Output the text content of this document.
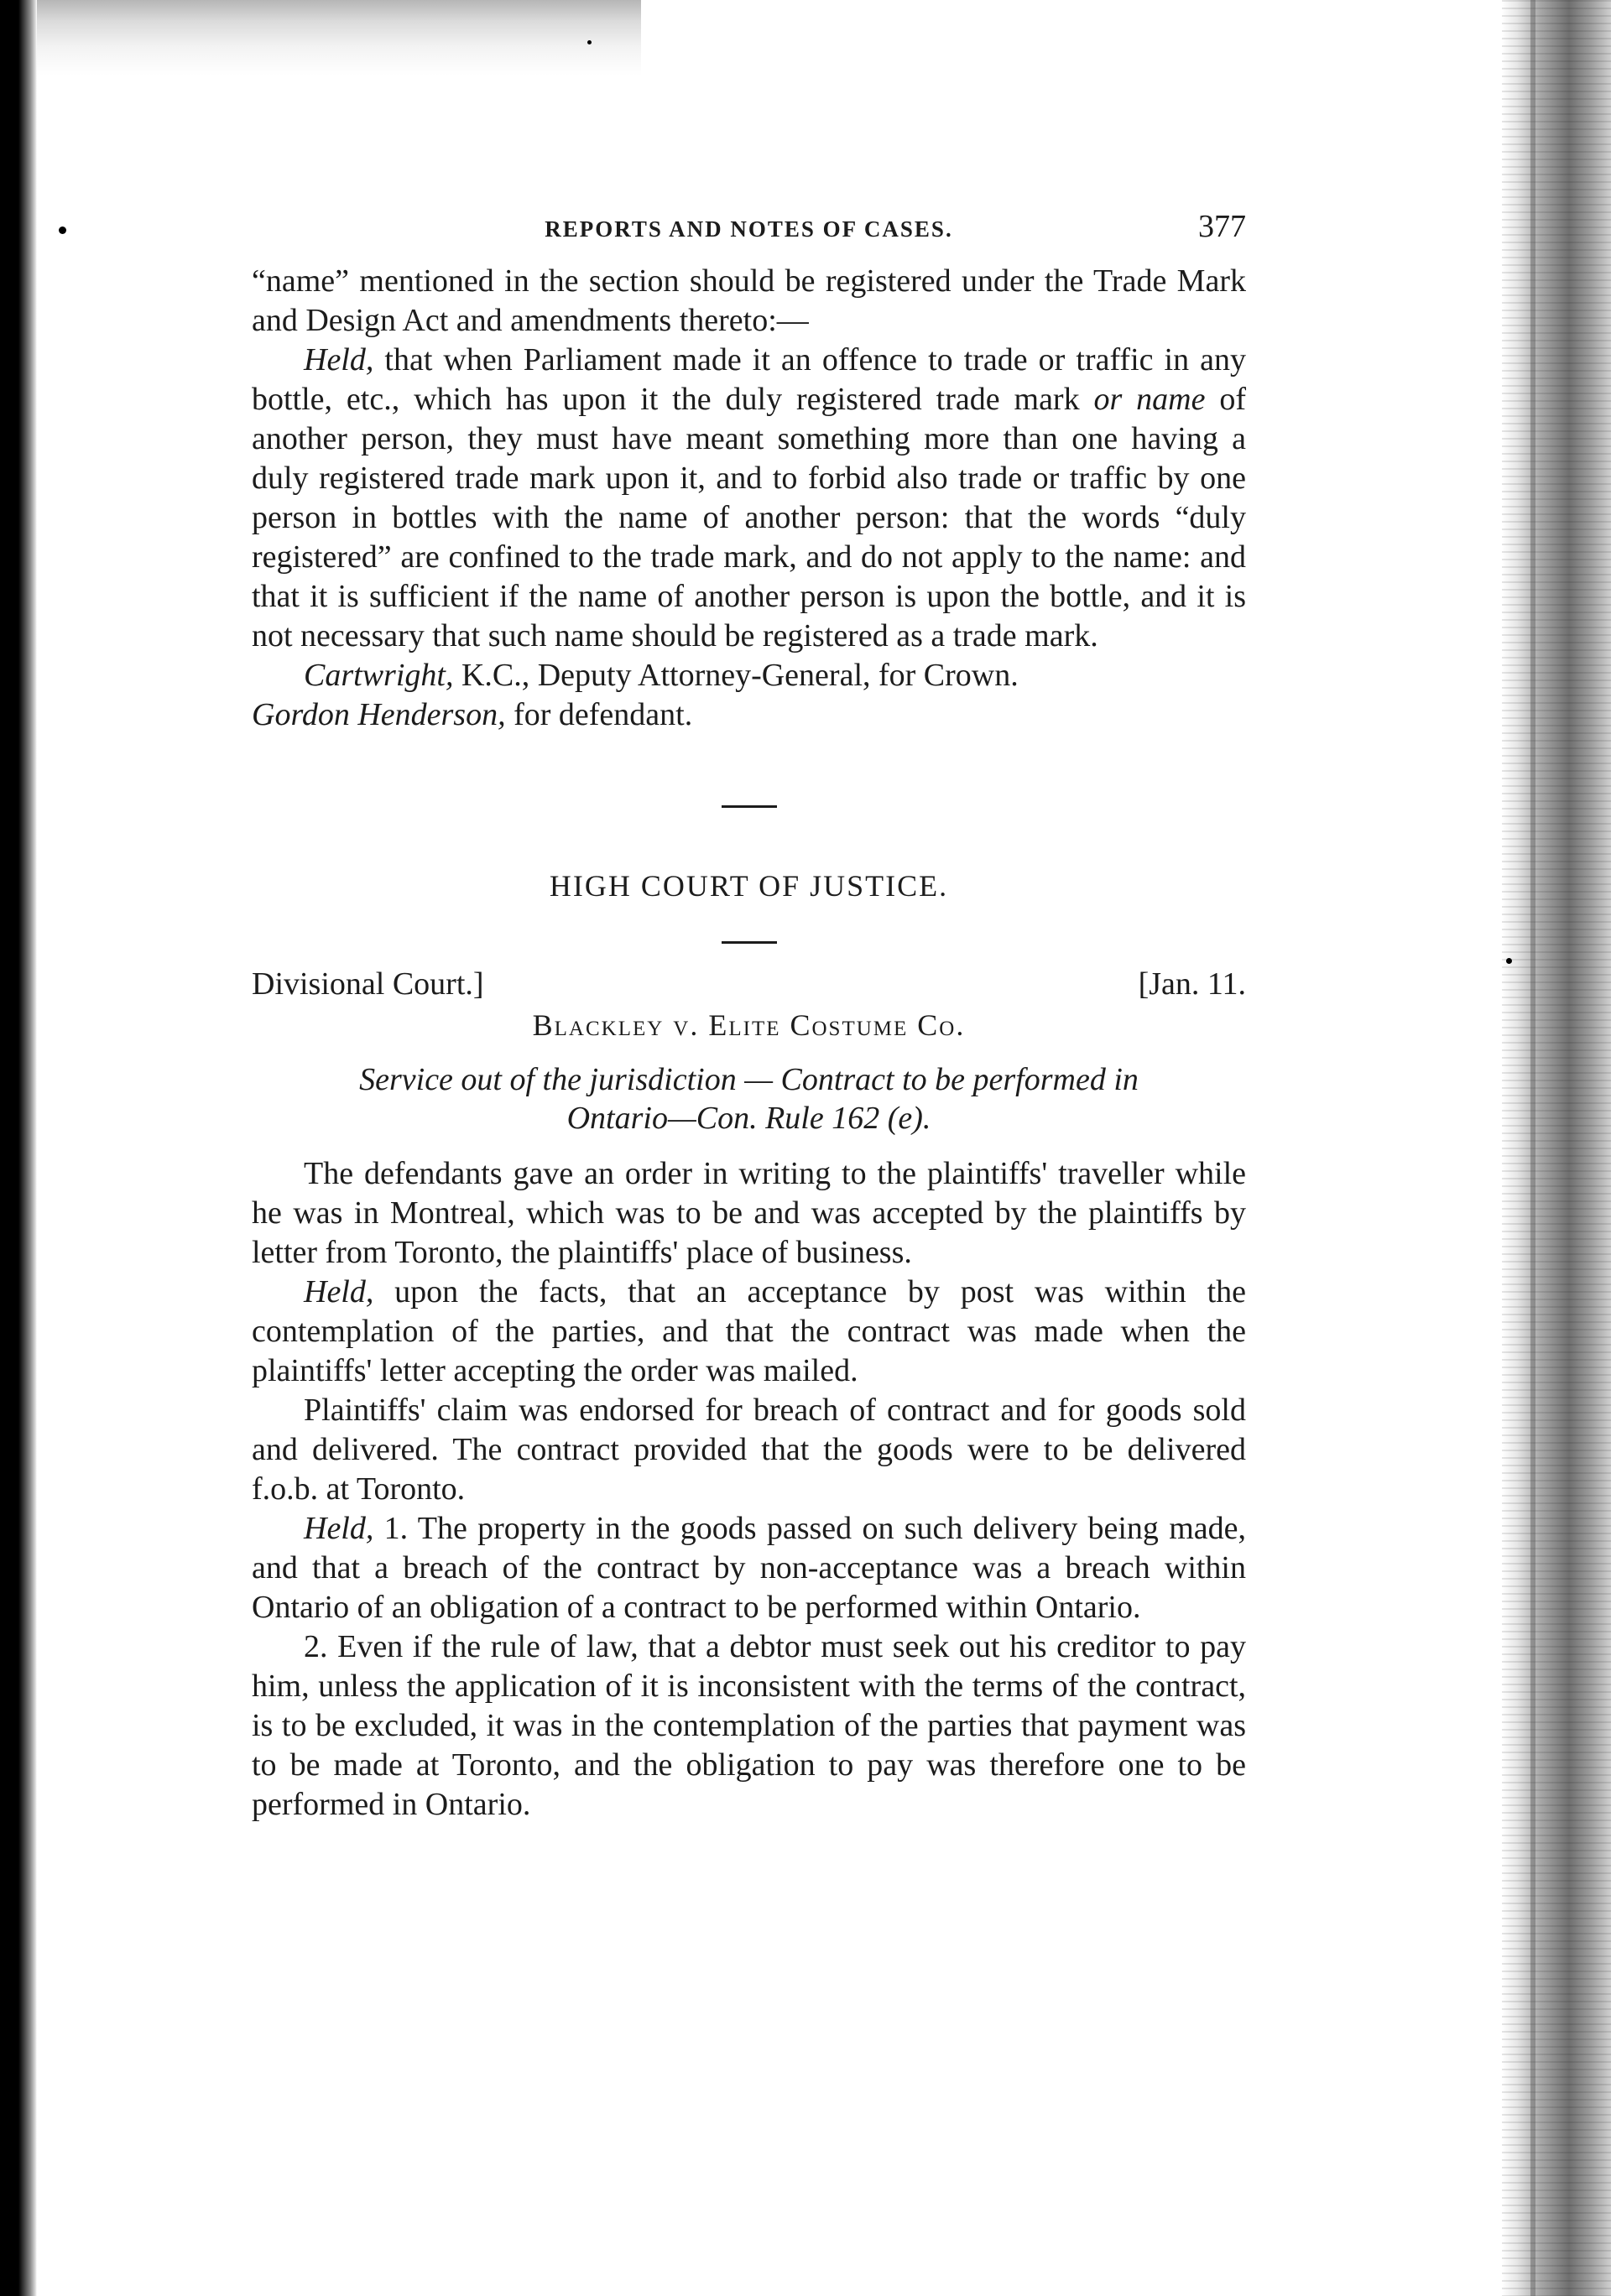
REPORTS AND NOTES OF CASES.	377

“name” mentioned in the section should be registered under the Trade Mark and Design Act and amendments thereto:—

Held, that when Parliament made it an offence to trade or traffic in any bottle, etc., which has upon it the duly registered trade mark or name of another person, they must have meant something more than one having a duly registered trade mark upon it, and to forbid also trade or traffic by one person in bottles with the name of another person: that the words “duly registered” are confined to the trade mark, and do not apply to the name: and that it is sufficient if the name of another person is upon the bottle, and it is not necessary that such name should be registered as a trade mark.

Cartwright, K.C., Deputy Attorney-General, for Crown.

Gordon Henderson, for defendant.

HIGH COURT OF JUSTICE.

Divisional Court.]	[Jan. 11.

Blackley v. Elite Costume Co.

Service out of the jurisdiction — Contract to be performed in

Ontario—Con. Rule 162 (e).

The defendants gave an order in writing to the plaintiffs' traveller while he was in Montreal, which was to be and was accepted by the plaintiffs by letter from Toronto, the plaintiffs' place of business.

Held, upon the facts, that an acceptance by post was within the contemplation of the parties, and that the contract was made when the plaintiffs' letter accepting the order was mailed.

Plaintiffs' claim was endorsed for breach of contract and for goods sold and delivered. The contract provided that the goods were to be delivered f.o.b. at Toronto.

Held, 1. The property in the goods passed on such delivery being made, and that a breach of the contract by non-acceptance was a breach within Ontario of an obligation of a contract to be performed within Ontario.

2. Even if the rule of law, that a debtor must seek out his creditor to pay him, unless the application of it is inconsistent with the terms of the contract, is to be excluded, it was in the contemplation of the parties that payment was to be made at Toronto, and the obligation to pay was therefore one to be performed in Ontario.
